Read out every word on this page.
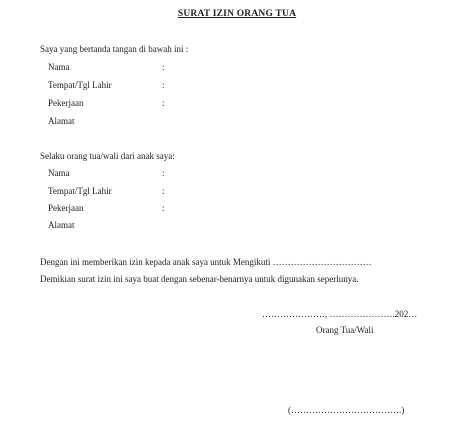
SURAT IZIN ORANG TUA
Saya yang bertanda tangan di bawah ini :
Nama	:
Tempat/Tgl Lahir	:
Pekerjaan	:
Alamat
Selaku orang tua/wali dari anak saya:
Nama	:
Tempat/Tgl Lahir	:
Pekerjaan	:
Alamat
Dengan ini memberikan izin kepada anak saya untuk Mengikuti ……………………………
Demikian surat izin ini saya buat dengan sebenar-benarnya untuk digunakan seperlunya.
…………………, ………………….202…
Orang Tua/Wali
(……………………………….)
